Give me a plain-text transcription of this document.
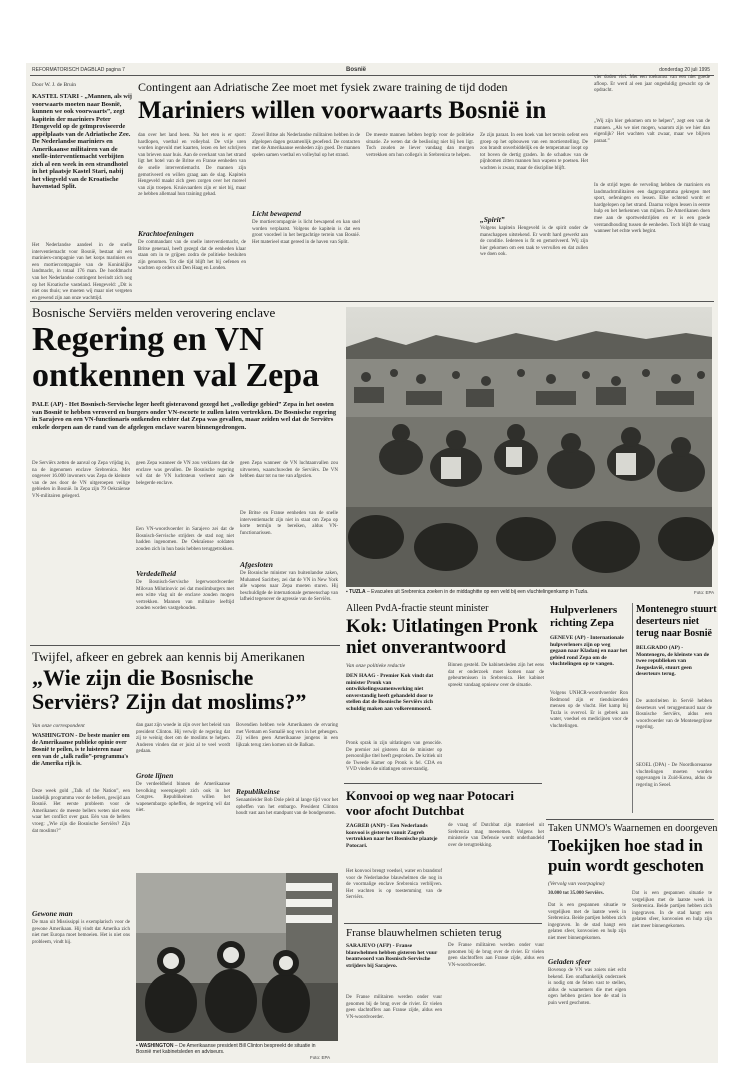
REFORMATORISCH DAGBLAD pagina 7	Bosnië	donderdag 20 juli 1995
Door W. J. de Bruin	Contingent aan Adriatische Zee moet met fysiek zware training de tijd doden
Mariniers willen voorwaarts Bosnië in
KASTEL STARI - „Mannen, als wij voorwaarts moeten naar Bosnië, kunnen we ook voorwaarts”, zegt kapitein der mariniers Peter Hengeveld op de geïmproviseerde appèlplaats van de Adriatische Zee. De Nederlandse mariniers en Amerikaanse militairen van de snelle-interventiemacht verbijten zich al een week in een strandhotel in het plaatsje Kastel Stari, nabij het vliegveld van de Kroatische havenstad Split.
Het Nederlandse aandeel in de snelle interventiemacht voor Bosnië, bestaat uit een mariniers-compagnie van het korps mariniers en een mortiercompagnie van de Koninklijke landmacht, in totaal 176 man. De hoofdmacht van het Nederlandse contingent bevindt zich nog op het Kroatische vasteland. Hengeveld: „Dit is niet ons thuis; we moeten wij maar niet vergeten en gewend zijn aan onze wachttijd.
dan over het land heen. Na het eten is er sport: hardlopen, voetbal en volleybal. De vrije uren worden ingevuld met kaarten, lezen en het schrijven van brieven naar huis. Aan de overkant van het strand ligt het hotel van de Britse en Franse eenheden van de snelle interventiemacht. De mannen zijn gemotiveerd en willen graag aan de slag. Kapitein Hengeveld maakt zich geen zorgen over het moreel van zijn troepen. Kruisvaarders zijn er niet bij, maar ze hebben allemaal hun training gehad.
Krachtoefeningen
De commandant van de snelle interventiemacht, de Britse generaal, heeft gezegd dat de eenheden klaar staan om in te grijpen zodra de politieke besluiten zijn genomen. Tot die tijd blijft het bij oefenen en wachten op orders uit Den Haag en Londen.
Zowel Britse als Nederlandse militairen hebben in de afgelopen dagen gezamenlijk geoefend. De contacten met de Amerikaanse eenheden zijn goed. De mannen spelen samen voetbal en volleybal op het strand.
Licht bewapend
De mortiercompagnie is licht bewapend en kan snel worden verplaatst. Volgens de kapitein is dat een groot voordeel in het bergachtige terrein van Bosnië. Het materieel staat gereed in de haven van Split.
De meeste mannen hebben begrip voor de politieke situatie. Ze weten dat de beslissing niet bij hen ligt. Toch zouden ze liever vandaag dan morgen vertrekken om hun collega's in Srebrenica te helpen.
Ze zijn paraat. In een hoek van het terrein oefent een groep op het opbouwen van een mortierstelling. De zon brandt onverbiddelijk en de temperatuur loopt op tot boven de dertig graden. In de schaduw van de pijnbomen zitten mannen hun wapens te poetsen. Het wachten is zwaar, maar de discipline blijft.
„Spirit”
Volgens kapitein Hengeveld is de spirit onder de manschappen uitstekend. Er wordt hard gewerkt aan de conditie. Iedereen is fit en gemotiveerd. Wij zijn hier gekomen om een taak te vervullen en dat zullen we doen ook.
vier doden viel. Met een toekomst van een niet goede afloop. Er werd al een jaar ongeduldig gewacht op de opdracht.
„Wij zijn hier gekomen om te helpen”, zegt een van de mannen. „Als we niet mogen, waarom zijn we hier dan eigenlijk? Het wachten valt zwaar, maar we blijven paraat.”
In de strijd tegen de verveling hebben de mariniers en landmachtmilitairen een dagprogramma gekregen met sport, oefeningen en lessen. Elke ochtend wordt er hardgelopen op het strand. Daarna volgen lessen in eerste hulp en het herkennen van mijnen. De Amerikanen doen mee aan de sportwedstrijden en er is een goede verstandhouding tussen de eenheden. Toch blijft de vraag wanneer het echte werk begint.
Bosnische Serviërs melden verovering enclave
Regering en VN
ontkennen val Zepa
PALE (AP) - Het Bosnisch-Servische leger heeft gisteravond gezegd het „volledige gebied” Zepa in het oosten van Bosnië te hebben veroverd en burgers onder VN-escorte te zullen laten vertrekken. De Bosnische regering in Sarajevo en een VN-functionaris ontkenden echter dat Zepa was gevallen, maar zeiden wel dat de Serviërs enkele dorpen aan de rand van de afgelegen enclave waren binnengedrongen.
De Serviërs zetten de aanval op Zepa vrijdag in, na de ingenomen enclave Srebrenica. Met ongeveer 16.000 inwoners was Zepa de kleinste van de zes door de VN uitgeroepen veilige gebieden in Bosnië. In Zepa zijn 79 Oekraïense VN-militairen gelegerd.
geen Zepa wanneer de VN zou verklaren dat de enclave was gevallen. De Bosnische regering wil dat de VN luchtsteun verleent aan de belegerde enclave.
Een VN-woordvoerder in Sarajevo zei dat de Bosnisch-Servische strijders de stad nog niet hadden ingenomen. De Oekraïense soldaten zouden zich in hun basis hebben teruggetrokken.
Verdedelheid
De Bosnisch-Servische legerwoordvoerder Milovan Milutinovic zei dat moslimburgers met een witte vlag uit de enclave zouden mogen vertrekken. Mannen van militaire leeftijd zouden worden vastgehouden.
geen Zepa wanneer de VN luchtaanvallen zou uitvoeren, waarschuwden de Serviërs. De VN hebben daar tot nu toe van afgezien.
De Britse en Franse eenheden van de snelle interventiemacht zijn niet in staat om Zepa op korte termijn te bereiken, aldus VN-functionarissen.
Afgesloten
De Bosnische minister van buitenlandse zaken, Muhamed Sacirbey, zei dat de VN in New York alle wapens naar Zepa moeten sturen. Hij beschuldigde de internationale gemeenschap van lafheid tegenover de agressie van de Serviërs.
▪ TUZLA – Evacuées uit Srebrenica zoeken in de middaghitte op een veld bij een vluchtelingenkamp in Tuzla.	Foto: EPA
Alleen PvdA-fractie steunt minister
Kok: Uitlatingen Pronk
niet onverantwoord
Van onze politieke redactie
DEN HAAG - Premier Kok vindt dat minister Pronk van ontwikkelingssamenwerking niet onverstandig heeft gehandeld door te stellen dat de Bosnische Serviërs zich schuldig maken aan volkerenmoord.
Pronk sprak in zijn uitlatingen van genocide. De premier zei gisteren dat de minister op persoonlijke titel heeft gesproken. De kritiek uit de Tweede Kamer op Pronk is fel. CDA en VVD vinden de uitlatingen onverstandig.
Binnen gesteld. De kabinetsleden zijn het eens dat er onderzoek moet komen naar de gebeurtenissen in Srebrenica. Het kabinet spreekt vandaag opnieuw over de situatie.
Hulpverleners
richting Zepa
GENEVE (AP) - Internationale hulpverleners zijn op weg gegaan naar Kladanj en naar het gebied rond Zepa om de vluchtelingen op te vangen.
Volgens UNHCR-woordvoerder Ron Redmond zijn er tienduizenden mensen op de vlucht. Het kamp bij Tuzla is overvol. Er is gebrek aan water, voedsel en medicijnen voor de vluchtelingen.
Montenegro stuurt
deserteurs niet
terug naar Bosnië
BELGRADO (AP) - Montenegro, de kleinste van de twee republieken van Joegoslavië, stuurt geen deserteurs terug.
De autoriteiten in Servië hebben deserteurs wel teruggestuurd naar de Bosnische Serviërs, aldus een woordvoerder van de Montenegrijnse regering.
SEOEL (DPA) - De Noordkoreaanse vluchtelingen moeten worden opgevangen in Zuid-Korea, aldus de regering in Seoel.
Twijfel, afkeer en gebrek aan kennis bij Amerikanen
„Wie zijn die Bosnische
Serviërs? Zijn dat moslims?”
Van onze correspondent
WASHINGTON - De beste manier om de Amerikaanse publieke opinie over Bosnië te peilen, is te luisteren naar een van de „talk radio”-programma's die Amerika rijk is.
Deze week gold „Talk of the Nation”, een landelijk programma voor de bellers, gewijd aan Bosnië. Het eerste probleem voor de Amerikanen: de meeste bellers weten niet eens waar het conflict over gaat. Eén van de bellers vroeg: „Wie zijn die Bosnische Serviërs? Zijn dat moslims?”
Gewone man
De man uit Mississippi is exemplarisch voor de gewone Amerikaan. Hij vindt dat Amerika zich niet met Europa moet bemoeien. Het is niet ons probleem, vindt hij.
dan gaat zijn woede in zijn over het beleid van president Clinton. Hij verwijt de regering dat zij te weinig doet om de moslims te helpen. Anderen vinden dat er juist al te veel wordt gedaan.
Grote lijnen
De verdeeldheid binnen de Amerikaanse bevolking weerspiegelt zich ook in het Congres. Republikeinen willen het wapenembargo opheffen, de regering wil dat niet.
Bovendien hebben vele Amerikanen de ervaring met Vietnam en Somalië nog vers in het geheugen. Zij willen geen Amerikaanse jongens in een lijkzak terug zien komen uit de Balkan.
Republikeinse
Senaatsleider Bob Dole pleit al lange tijd voor het opheffen van het embargo. President Clinton houdt vast aan het standpunt van de bondgenoten.
▪ WASHINGTON – De Amerikaanse president Bill Clinton bespreekt de situatie in Bosnië met kabinetsleden en adviseurs.
Foto: EPA
Konvooi op weg naar Potocari
voor afocht Dutchbat
ZAGREB (ANP) - Een Nederlands konvooi is gisteren vanuit Zagreb vertrokken naar het Bosnische plaatsje Potocari.
Het konvooi brengt voedsel, water en brandstof voor de Nederlandse blauwhelmen die nog in de voormalige enclave Srebrenica verblijven. Het wachten is op toestemming van de Serviërs.
de vraag of Dutchbat zijn materieel uit Srebrenica mag meenemen. Volgens het ministerie van Defensie wordt onderhandeld over de terugtrekking.
Franse blauwhelmen schieten terug
SARAJEVO (AFP) - Franse blauwhelmen hebben gisteren het vuur beantwoord van Bosnisch-Servische strijders bij Sarajevo.
De Franse militairen werden onder vuur genomen bij de brug over de rivier. Er vielen geen slachtoffers aan Franse zijde, aldus een VN-woordvoerder.
De Franse militairen werden onder vuur genomen bij de brug over de rivier. Er vielen geen slachtoffers aan Franse zijde, aldus een VN-woordvoerder.
Taken UNMO's Waarnemen en doorgeven
Toekijken hoe stad in
puin wordt geschoten
(Vervolg van voorpagina)
30.000 tot 35.000 Serviërs.
Dat is een gespannen situatie te vergelijken met de laatste week in Srebrenica. Beide partijen hebben zich ingegraven. In de stad hangt een gelaten sfeer, konvooien en hulp zijn niet meer binnengekomen.
Geladen sfeer
Bovenop de VN was zoiets niet echt bekend. Een onafhankelijk onderzoek is nodig om de feiten vast te stellen, aldus de waarnemers die met eigen ogen hebben gezien hoe de stad in puin werd geschoten.
Dat is een gespannen situatie te vergelijken met de laatste week in Srebrenica. Beide partijen hebben zich ingegraven. In de stad hangt een gelaten sfeer, konvooien en hulp zijn niet meer binnengekomen.
